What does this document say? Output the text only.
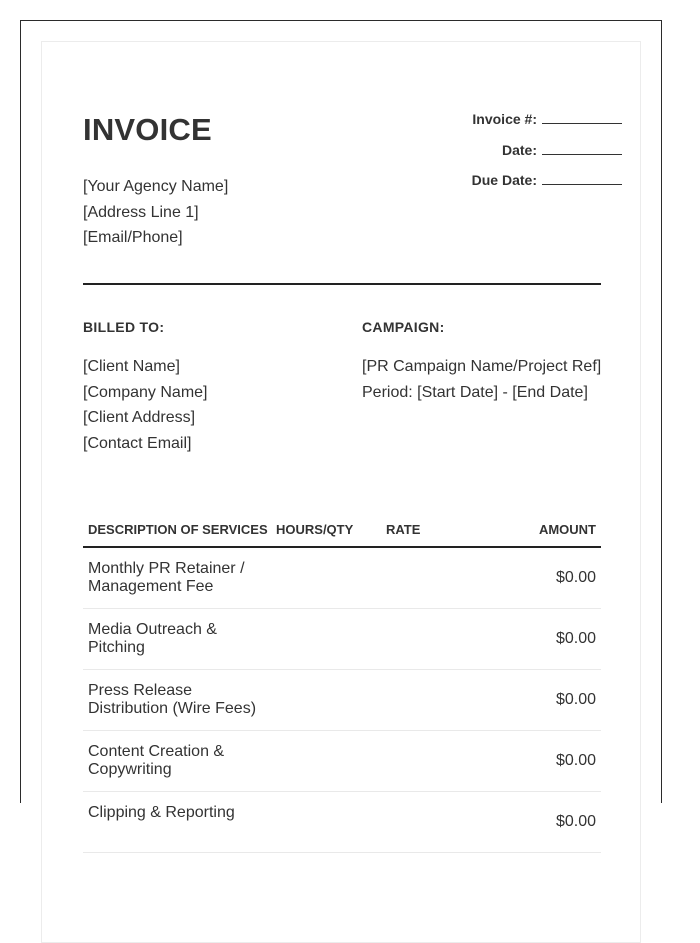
INVOICE
[Your Agency Name]
[Address Line 1]
[Email/Phone]
Invoice #:
Date:
Due Date:
BILLED TO:
[Client Name]
[Company Name]
[Client Address]
[Contact Email]
CAMPAIGN:
[PR Campaign Name/Project Ref]
Period: [Start Date] - [End Date]
DESCRIPTION OF SERVICES HOURS/QTY	RATE	AMOUNT
Monthly PR Retainer / Management Fee
$0.00
Media Outreach & Pitching
$0.00
Press Release Distribution (Wire Fees)
$0.00
Content Creation & Copywriting
$0.00
Clipping & Reporting
$0.00
